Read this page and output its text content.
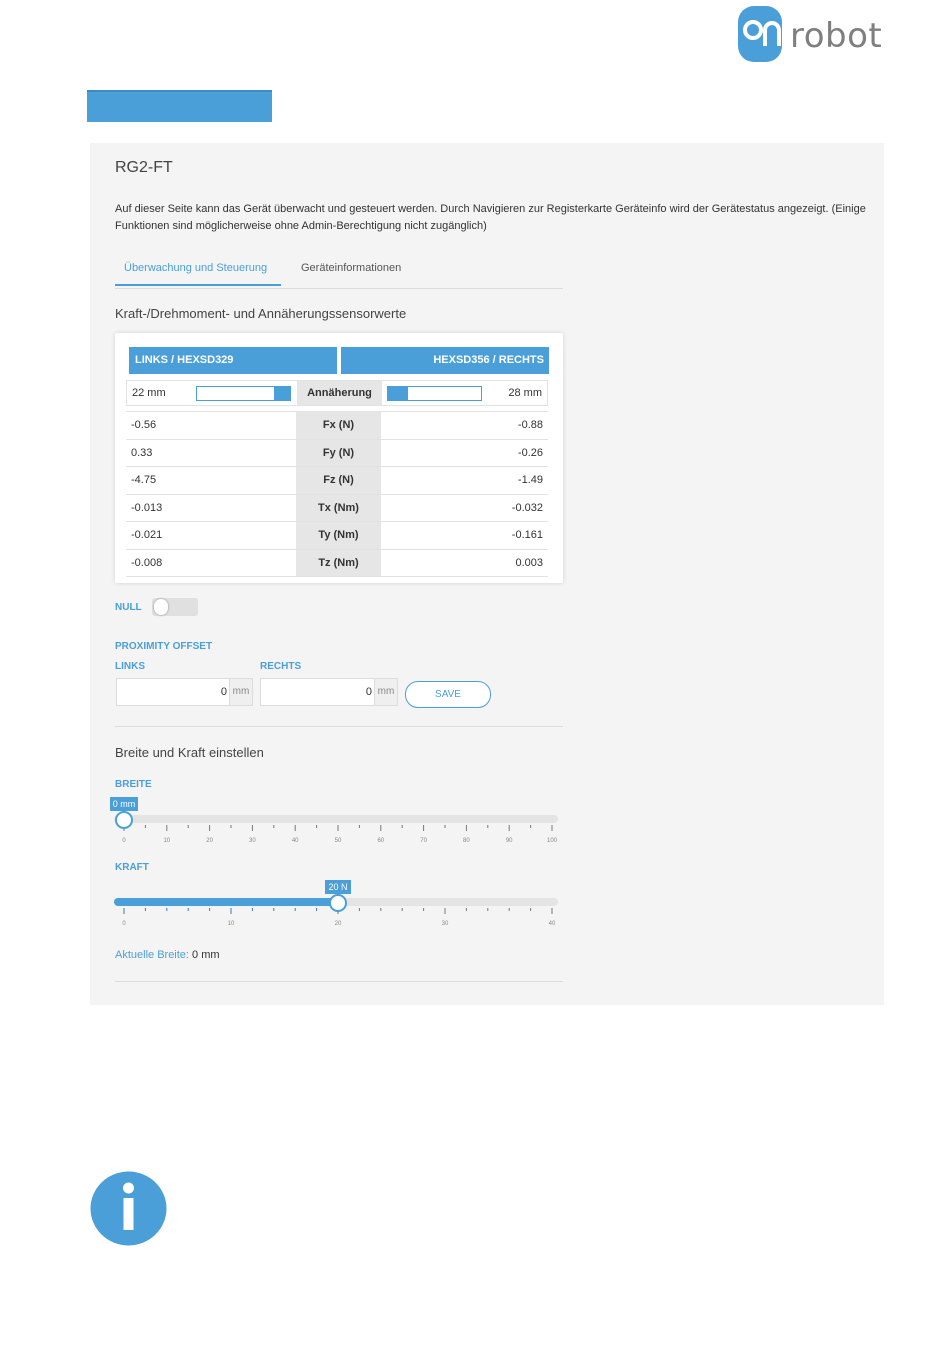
robot
RG2-FT
Auf dieser Seite kann das Gerät überwacht und gesteuert werden. Durch Navigieren zur Registerkarte Geräteinfo wird der Gerätestatus angezeigt. (Einige Funktionen sind möglicherweise ohne Admin-Berechtigung nicht zugänglich)
Überwachung und Steuerung	Geräteinformationen
Kraft-/Drehmoment- und Annäherungssensorwerte
LINKS / HEXSD329	HEXSD356 / RECHTS
22 mm	Annäherung	28 mm
-0.56	Fx (N)	-0.88
0.33	Fy (N)	-0.26
-4.75	Fz (N)	-1.49
-0.013	Tx (Nm)	-0.032
-0.021	Ty (Nm)	-0.161
-0.008	Tz (Nm)	0.003
NULL
PROXIMITY OFFSET
LINKS	RECHTS
0
mm
0	mm	SAVE
Breite und Kraft einstellen
BREITE
0 mm
0	10	20	30	40	50	60	70	80	90	100
KRAFT
20 N
0	10	20	30	40
Aktuelle Breite: 0 mm
